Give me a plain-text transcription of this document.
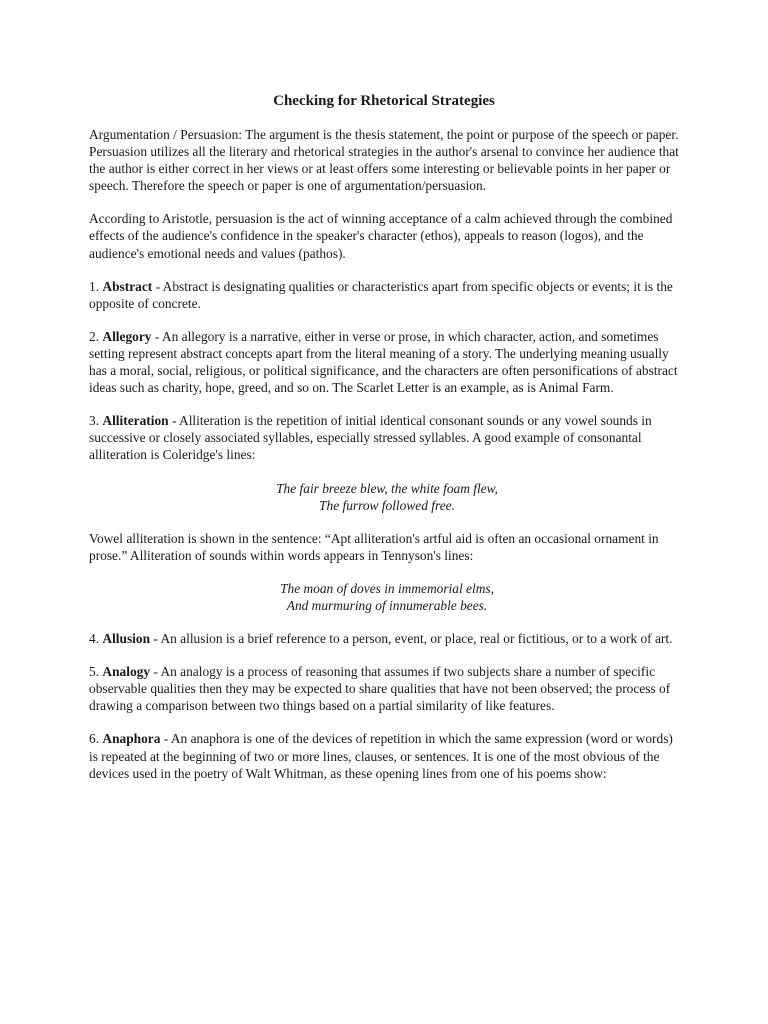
Checking for Rhetorical Strategies

Argumentation / Persuasion: The argument is the thesis statement, the point or purpose of the speech or paper. Persuasion utilizes all the literary and rhetorical strategies in the author's arsenal to convince her audience that the author is either correct in her views or at least offers some interesting or believable points in her paper or speech. Therefore the speech or paper is one of argumentation/persuasion.

According to Aristotle, persuasion is the act of winning acceptance of a calm achieved through the combined effects of the audience's confidence in the speaker's character (ethos), appeals to reason (logos), and the audience's emotional needs and values (pathos).

1. Abstract - Abstract is designating qualities or characteristics apart from specific objects or events; it is the opposite of concrete.

2. Allegory - An allegory is a narrative, either in verse or prose, in which character, action, and sometimes setting represent abstract concepts apart from the literal meaning of a story. The underlying meaning usually has a moral, social, religious, or political significance, and the characters are often personifications of abstract ideas such as charity, hope, greed, and so on. The Scarlet Letter is an example, as is Animal Farm.

3. Alliteration - Alliteration is the repetition of initial identical consonant sounds or any vowel sounds in successive or closely associated syllables, especially stressed syllables. A good example of consonantal alliteration is Coleridge's lines:

The fair breeze blew, the white foam flew,
The furrow followed free.

Vowel alliteration is shown in the sentence: “Apt alliteration's artful aid is often an occasional ornament in prose.” Alliteration of sounds within words appears in Tennyson's lines:

The moan of doves in immemorial elms,
And murmuring of innumerable bees.

4. Allusion - An allusion is a brief reference to a person, event, or place, real or fictitious, or to a work of art.

5. Analogy - An analogy is a process of reasoning that assumes if two subjects share a number of specific observable qualities then they may be expected to share qualities that have not been observed; the process of drawing a comparison between two things based on a partial similarity of like features.

6. Anaphora - An anaphora is one of the devices of repetition in which the same expression (word or words) is repeated at the beginning of two or more lines, clauses, or sentences. It is one of the most obvious of the devices used in the poetry of Walt Whitman, as these opening lines from one of his poems show:
